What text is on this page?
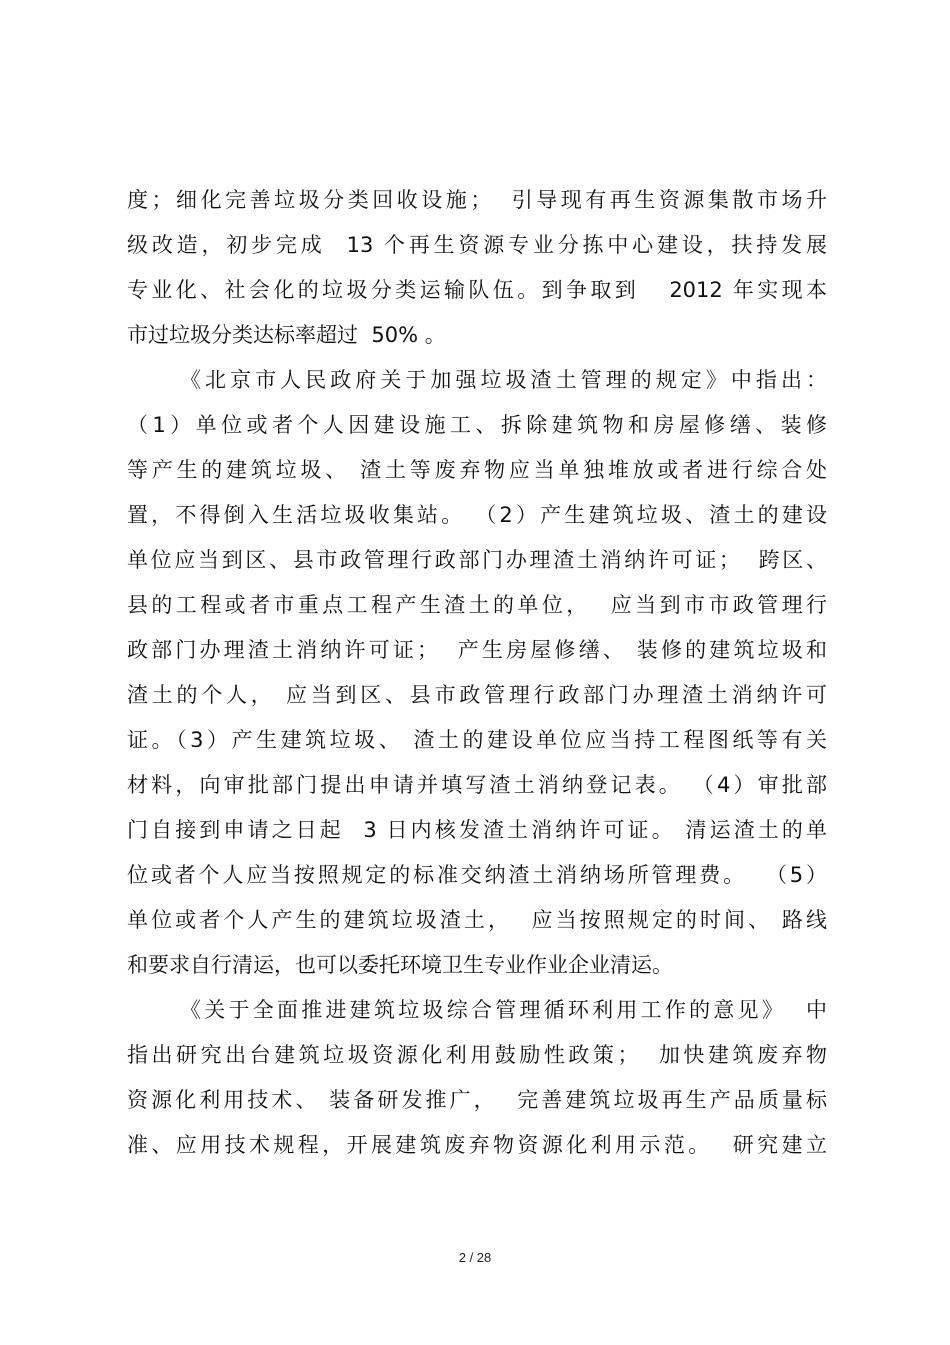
度；细化完善垃圾分类回收设施；  引导现有再生资源集散市场升
级改造，初步完成  13 个再生资源专业分拣中心建设，扶持发展
专业化、社会化的垃圾分类运输队伍。到争取到   2012 年实现本
市过垃圾分类达标率超过  50% 。
《北京市人民政府关于加强垃圾渣土管理的规定》中指出：
（1）单位或者个人因建设施工、拆除建筑物和房屋修缮、装修
等产生的建筑垃圾、 渣土等废弃物应当单独堆放或者进行综合处
置，不得倒入生活垃圾收集站。 （2）产生建筑垃圾、渣土的建设
单位应当到区、县市政管理行政部门办理渣土消纳许可证；  跨区、
县的工程或者市重点工程产生渣土的单位，  应当到市市政管理行
政部门办理渣土消纳许可证；  产生房屋修缮、 装修的建筑垃圾和
渣土的个人， 应当到区、县市政管理行政部门办理渣土消纳许可
证。（3）产生建筑垃圾、 渣土的建设单位应当持工程图纸等有关
材料，向审批部门提出申请并填写渣土消纳登记表。 （4）审批部
门自接到申请之日起  3 日内核发渣土消纳许可证。 清运渣土的单
位或者个人应当按照规定的标准交纳渣土消纳场所管理费。  （5）
单位或者个人产生的建筑垃圾渣土，  应当按照规定的时间、 路线
和要求自行清运，也可以委托环境卫生专业作业企业清运。
《关于全面推进建筑垃圾综合管理循环利用工作的意见》  中
指出研究出台建筑垃圾资源化利用鼓励性政策；  加快建筑废弃物
资源化利用技术、 装备研发推广，  完善建筑垃圾再生产品质量标
准、应用技术规程，开展建筑废弃物资源化利用示范。  研究建立
2 / 28
